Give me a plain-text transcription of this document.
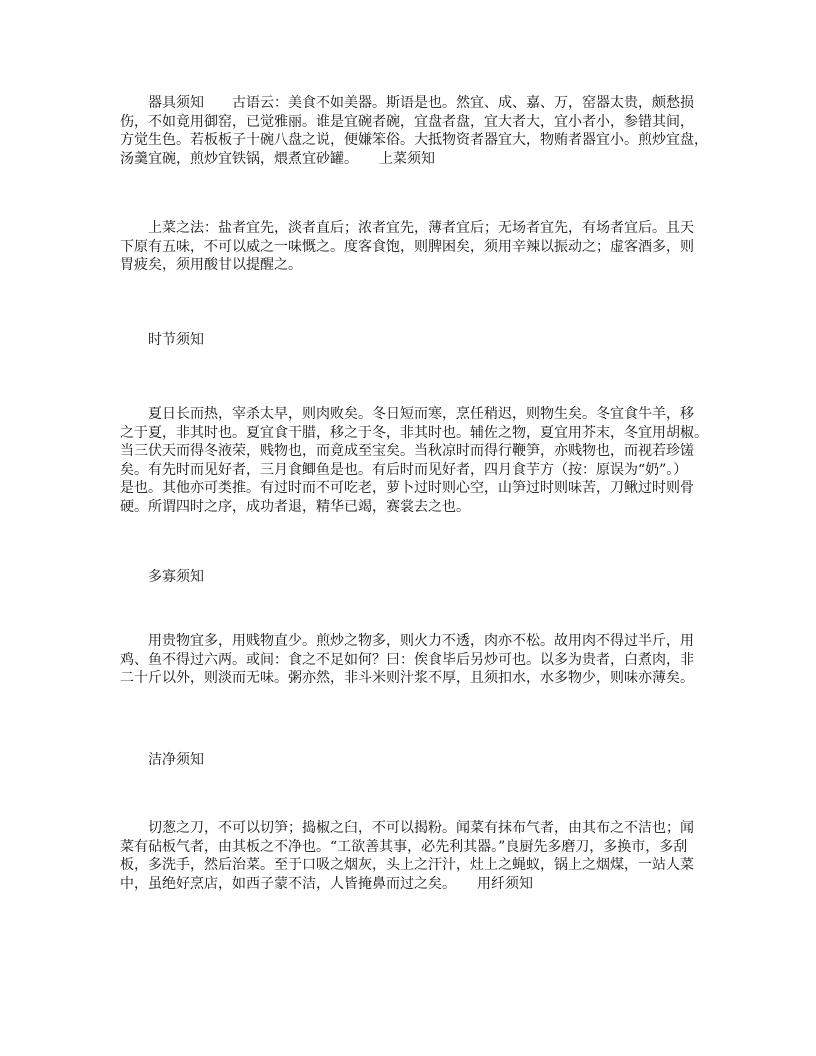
　　器具须知　　古语云：美食不如美器。斯语是也。然宜、成、嘉、万，窑器太贵，颇愁损
伤，不如竟用御窑，已觉雅丽。谁是宜碗者碗，宜盘者盘，宜大者大，宜小者小，参错其间，
方觉生色。若板板子十碗八盘之说，便嫌笨俗。大抵物资者器宜大，物贿者器宜小。煎炒宜盘，
汤羹宜碗，煎炒宜铁锅，煨煮宜砂罐。　　上菜须知
　　上菜之法：盐者宜先，淡者直后；浓者宜先，薄者宜后；无场者宜先，有场者宜后。且天
下原有五味，不可以威之一味慨之。度客食饱，则脾困矣，须用辛辣以振动之；虚客酒多，则
胃疲矣，须用酸甘以提醒之。
时节须知
　　夏日长而热，宰杀太早，则肉败矣。冬日短而寒，烹任稍迟，则物生矣。冬宜食牛羊，移
之于夏，非其时也。夏宜食干腊，移之于冬，非其时也。辅佐之物，夏宜用芥末，冬宜用胡椒。
当三伏天而得冬液荣，贱物也，而竟成至宝矣。当秋凉时而得行鞭笋，亦贱物也，而视若珍馐
矣。有先时而见好者，三月食鲫鱼是也。有后时而见好者，四月食芋方（按：原误为“奶”。）
是也。其他亦可类推。有过时而不可吃老，萝卜过时则心空，山笋过时则味苦，刀鳅过时则骨
硬。所谓四时之序，成功者退，精华已竭，赛裳去之也。
多寡须知
　　用贵物宜多，用贱物直少。煎炒之物多，则火力不透，肉亦不松。故用肉不得过半斤，用
鸡、鱼不得过六两。或间：食之不足如何？曰：俟食毕后另炒可也。以多为贵者，白煮肉，非
二十斤以外，则淡而无味。粥亦然，非斗米则汁浆不厚，且须扣水，水多物少，则味亦薄矣。
洁净须知
　　切葱之刀，不可以切笋；捣椒之臼，不可以揭粉。闻菜有抹布气者，由其布之不洁也；闻
菜有砧板气者，由其板之不净也。“工欲善其事，必先利其器。”良厨先多磨刀，多换市，多刮
板，多洗手，然后治菜。至于口吸之烟灰，头上之汗汁，灶上之蝇蚁，锅上之烟煤，一站人菜
中，虽绝好烹店，如西子蒙不洁，人皆掩鼻而过之矣。　　用纤须知
